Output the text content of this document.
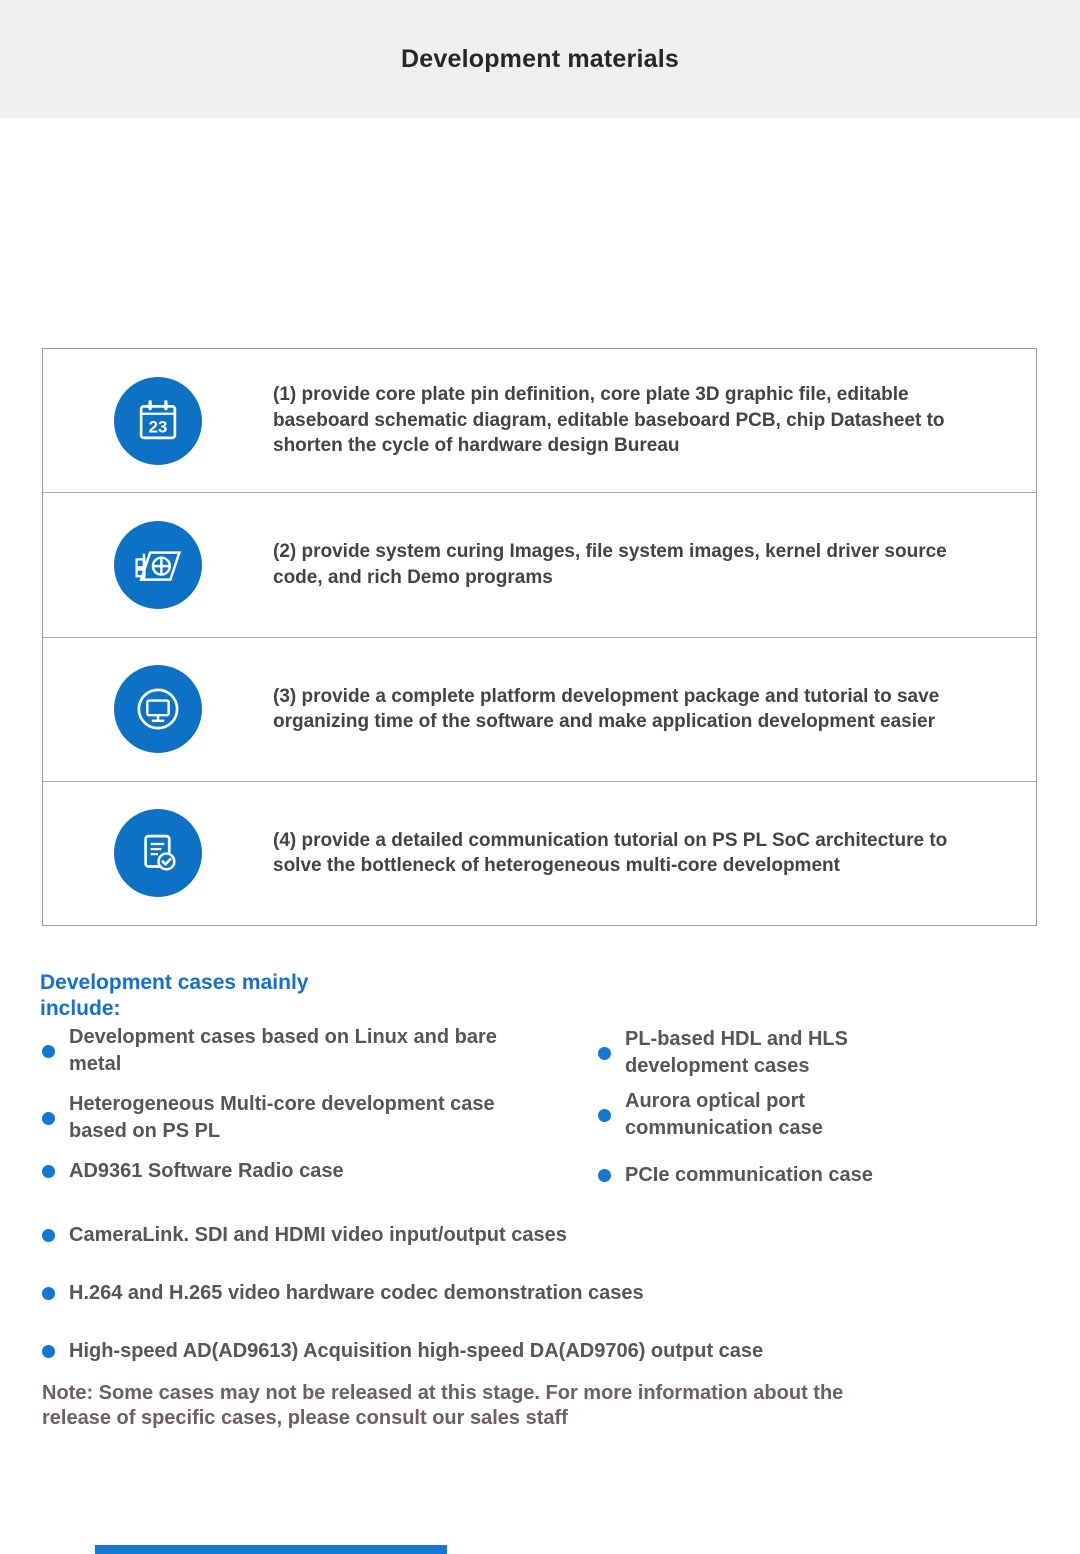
Development materials
23
(1) provide core plate pin definition, core plate 3D graphic file, editable baseboard schematic diagram, editable baseboard PCB, chip Datasheet to shorten the cycle of hardware design Bureau
(2) provide system curing Images, file system images, kernel driver source code, and rich Demo programs
(3) provide a complete platform development package and tutorial to save organizing time of the software and make application development easier
(4) provide a detailed communication tutorial on PS PL SoC architecture to solve the bottleneck of heterogeneous multi-core development
Development cases mainly include:
Development cases based on Linux and bare metal
Heterogeneous Multi-core development case based on PS PL
AD9361 Software Radio case
PL-based HDL and HLS development cases
Aurora optical port communication case
PCIe communication case
CameraLink. SDI and HDMI video input/output cases
H.264 and H.265 video hardware codec demonstration cases
High-speed AD(AD9613) Acquisition high-speed DA(AD9706) output case
Note: Some cases may not be released at this stage. For more information about the release of specific cases, please consult our sales staff
